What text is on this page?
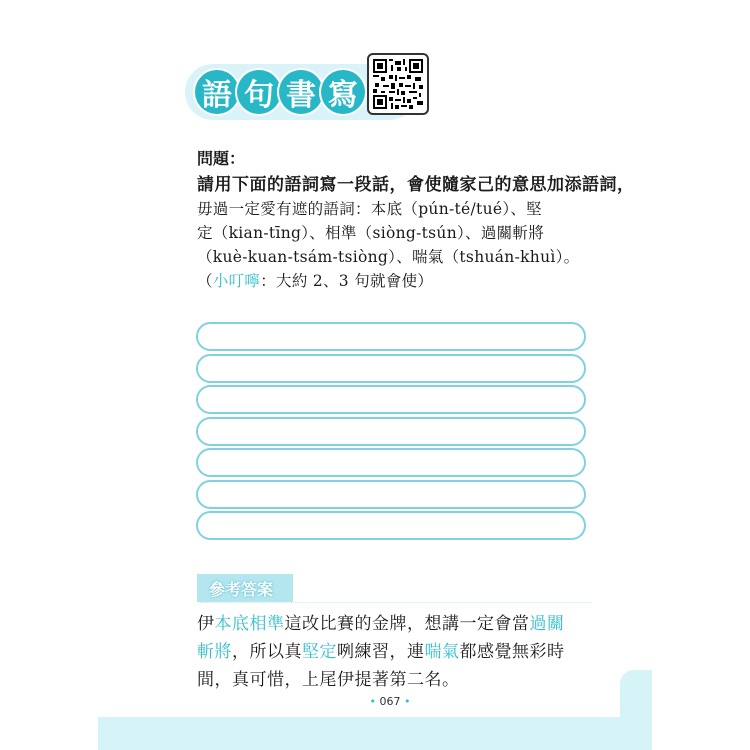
語 句 書 寫
問題：
請用下面的語詞寫一段話，會使隨家己的意思加添語詞，
毋過一定愛有遮的語詞：本底（pún-té/tué）、堅
定（kian-tīng）、相準（siòng-tsún）、過關斬將
（kuè-kuan-tsám-tsiòng）、喘氣（tshuán-khuì）。
（小叮嚀：大約 2、3 句就會使）
參考答案
伊本底相準這改比賽的金牌，想講一定會當過關
斬將，所以真堅定咧練習，連喘氣都感覺無彩時
間，真可惜，上尾伊提著第二名。
• 067 •
